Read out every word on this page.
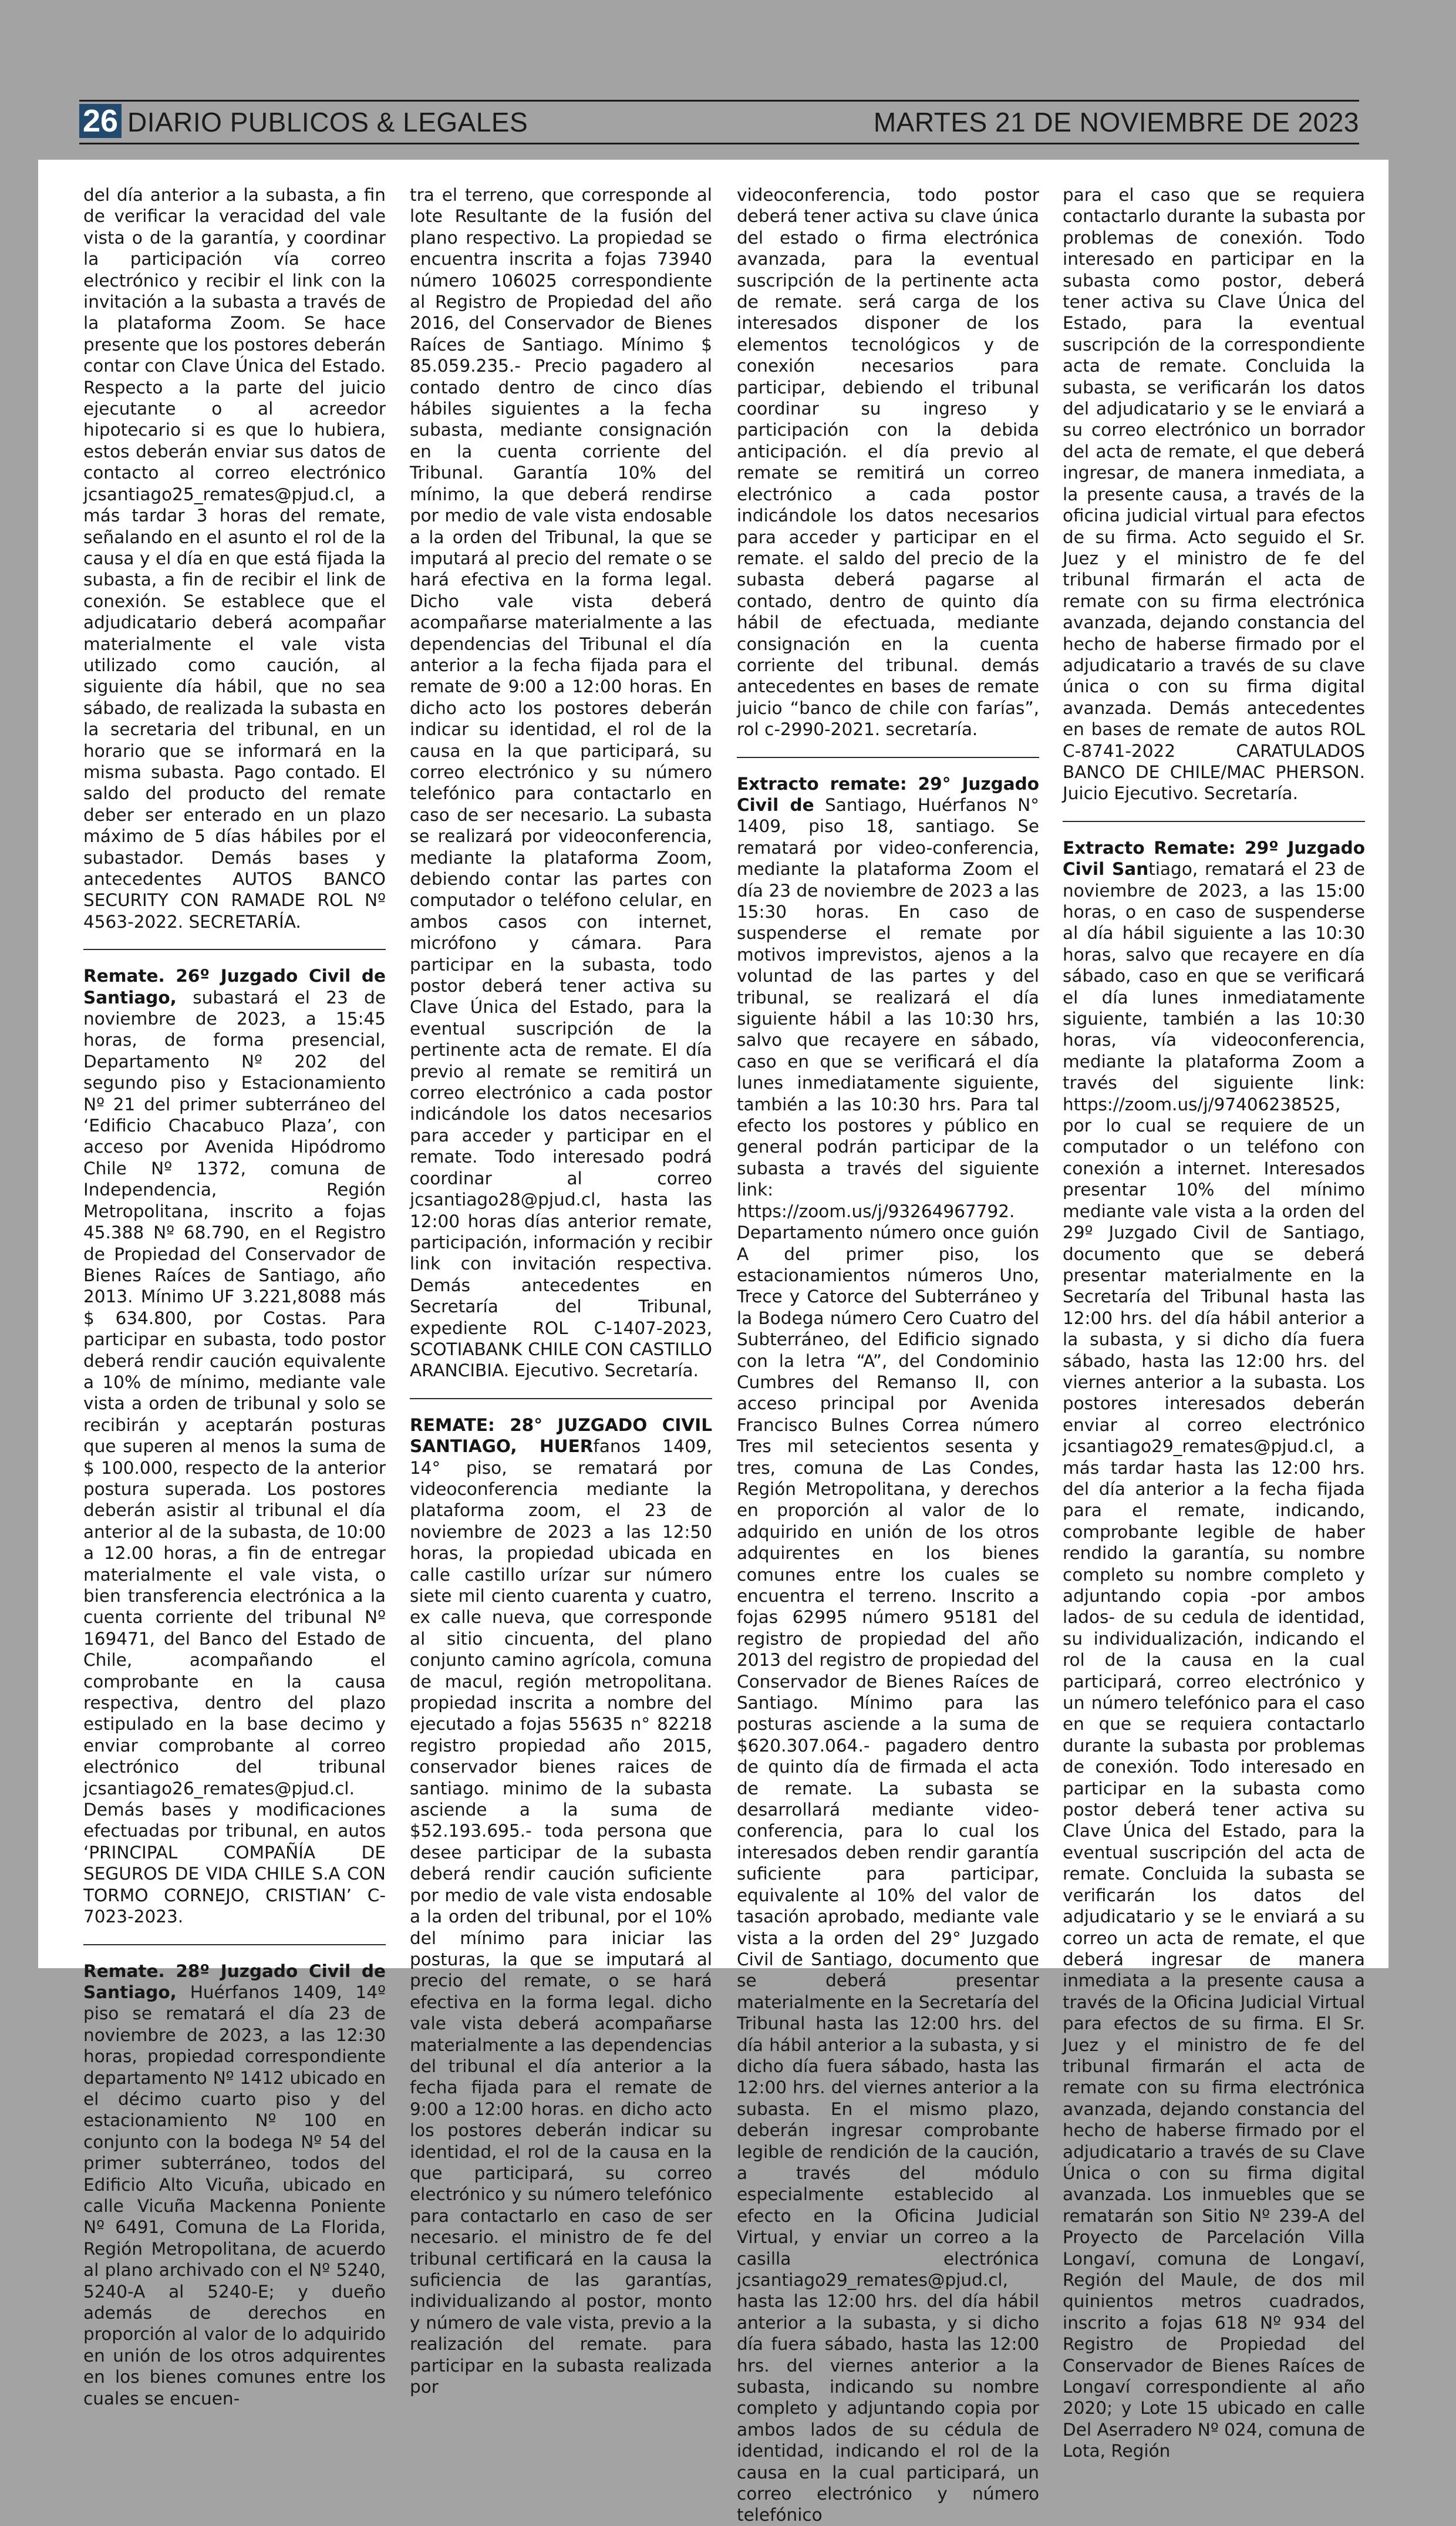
26 DIARIO PUBLICOS & LEGALES	MARTES 21 DE NOVIEMBRE DE 2023

del día anterior a la subasta, a fin de verificar la veracidad del vale vista o de la garantía, y coordinar la participación vía correo electrónico y recibir el link con la invitación a la subasta a través de la plataforma Zoom. Se hace presente que los postores deberán contar con Clave Única del Estado. Respecto a la parte del juicio ejecutante o al acreedor hipotecario si es que lo hubiera, estos deberán enviar sus datos de contacto al correo electrónico jcsantiago25_remates@pjud.cl, a más tardar 3 horas del remate, señalando en el asunto el rol de la causa y el día en que está fijada la subasta, a fin de recibir el link de conexión. Se establece que el adjudicatario deberá acompañar materialmente el vale vista utilizado como caución, al siguiente día hábil, que no sea sábado, de realizada la subasta en la secretaria del tribunal, en un horario que se informará en la misma subasta. Pago contado. El saldo del producto del remate deber ser enterado en un plazo máximo de 5 días hábiles por el subastador. Demás bases y antecedentes AUTOS BANCO SECURITY CON RAMADE ROL Nº 4563-2022. SECRETARÍA.

Remate. 26º Juzgado Civil de Santiago, subastará el 23 de noviembre de 2023, a 15:45 horas, de forma presencial, Departamento Nº 202 del segundo piso y Estacionamiento Nº 21 del primer subterráneo del ‘Edificio Chacabuco Plaza’, con acceso por Avenida Hipódromo Chile Nº 1372, comuna de Independencia, Región Metropolitana, inscrito a fojas 45.388 Nº 68.790, en el Registro de Propiedad del Conservador de Bienes Raíces de Santiago, año 2013. Mínimo UF 3.221,8088 más $ 634.800, por Costas. Para participar en subasta, todo postor deberá rendir caución equivalente a 10% de mínimo, mediante vale vista a orden de tribunal y solo se recibirán y aceptarán posturas que superen al menos la suma de $ 100.000, respecto de la anterior postura superada. Los postores deberán asistir al tribunal el día anterior al de la subasta, de 10:00 a 12.00 horas, a fin de entregar materialmente el vale vista, o bien transferencia electrónica a la cuenta corriente del tribunal Nº 169471, del Banco del Estado de Chile, acompañando el comprobante en la causa respectiva, dentro del plazo estipulado en la base decimo y enviar comprobante al correo electrónico del tribunal jcsantiago26_remates@pjud.cl. Demás bases y modificaciones efectuadas por tribunal, en autos ‘PRINCIPAL COMPAÑÍA DE SEGUROS DE VIDA CHILE S.A CON TORMO CORNEJO, CRISTIAN’ C-7023-2023.

Remate. 28º Juzgado Civil de Santiago, Huérfanos 1409, 14º piso se rematará el día 23 de noviembre de 2023, a las 12:30 horas, propiedad correspondiente departamento Nº 1412 ubicado en el décimo cuarto piso y del estacionamiento Nº 100 en conjunto con la bodega Nº 54 del primer subterráneo, todos del Edificio Alto Vicuña, ubicado en calle Vicuña Mackenna Poniente Nº 6491, Comuna de La Florida, Región Metropolitana, de acuerdo al plano archivado con el Nº 5240, 5240-A al 5240-E; y dueño además de derechos en proporción al valor de lo adquirido en unión de los otros adquirentes en los bienes comunes entre los cuales se encuen-

tra el terreno, que corresponde al lote Resultante de la fusión del plano respectivo. La propiedad se encuentra inscrita a fojas 73940 número 106025 correspondiente al Registro de Propiedad del año 2016, del Conservador de Bienes Raíces de Santiago. Mínimo $ 85.059.235.- Precio pagadero al contado dentro de cinco días hábiles siguientes a la fecha subasta, mediante consignación en la cuenta corriente del Tribunal. Garantía 10% del mínimo, la que deberá rendirse por medio de vale vista endosable a la orden del Tribunal, la que se imputará al precio del remate o se hará efectiva en la forma legal. Dicho vale vista deberá acompañarse materialmente a las dependencias del Tribunal el día anterior a la fecha fijada para el remate de 9:00 a 12:00 horas. En dicho acto los postores deberán indicar su identidad, el rol de la causa en la que participará, su correo electrónico y su número telefónico para contactarlo en caso de ser necesario. La subasta se realizará por videoconferencia, mediante la plataforma Zoom, debiendo contar las partes con computador o teléfono celular, en ambos casos con internet, micrófono y cámara. Para participar en la subasta, todo postor deberá tener activa su Clave Única del Estado, para la eventual suscripción de la pertinente acta de remate. El día previo al remate se remitirá un correo electrónico a cada postor indicándole los datos necesarios para acceder y participar en el remate. Todo interesado podrá coordinar al correo jcsantiago28@pjud.cl, hasta las 12:00 horas días anterior remate, participación, información y recibir link con invitación respectiva. Demás antecedentes en Secretaría del Tribunal, expediente ROL C-1407-2023, SCOTIABANK CHILE CON CASTILLO ARANCIBIA. Ejecutivo. Secretaría.

REMATE: 28° JUZGADO CIVIL SANTIAGO, HUERfanos 1409, 14° piso, se rematará por videoconferencia mediante la plataforma zoom, el 23 de noviembre de 2023 a las 12:50 horas, la propiedad ubicada en calle castillo urízar sur número siete mil ciento cuarenta y cuatro, ex calle nueva, que corresponde al sitio cincuenta, del plano conjunto camino agrícola, comuna de macul, región metropolitana. propiedad inscrita a nombre del ejecutado a fojas 55635 n° 82218 registro propiedad año 2015, conservador bienes raices de santiago. minimo de la subasta asciende a la suma de $52.193.695.- toda persona que desee participar de la subasta deberá rendir caución suficiente por medio de vale vista endosable a la orden del tribunal, por el 10% del mínimo para iniciar las posturas, la que se imputará al precio del remate, o se hará efectiva en la forma legal. dicho vale vista deberá acompañarse materialmente a las dependencias del tribunal el día anterior a la fecha fijada para el remate de 9:00 a 12:00 horas. en dicho acto los postores deberán indicar su identidad, el rol de la causa en la que participará, su correo electrónico y su número telefónico para contactarlo en caso de ser necesario. el ministro de fe del tribunal certificará en la causa la suficiencia de las garantías, individualizando al postor, monto y número de vale vista, previo a la realización del remate. para participar en la subasta realizada por

videoconferencia, todo postor deberá tener activa su clave única del estado o firma electrónica avanzada, para la eventual suscripción de la pertinente acta de remate. será carga de los interesados disponer de los elementos tecnológicos y de conexión necesarios para participar, debiendo el tribunal coordinar su ingreso y participación con la debida anticipación. el día previo al remate se remitirá un correo electrónico a cada postor indicándole los datos necesarios para acceder y participar en el remate. el saldo del precio de la subasta deberá pagarse al contado, dentro de quinto día hábil de efectuada, mediante consignación en la cuenta corriente del tribunal. demás antecedentes en bases de remate juicio “banco de chile con farías”, rol c-2990-2021. secretaría.

Extracto remate: 29° Juzgado Civil de Santiago, Huérfanos N° 1409, piso 18, santiago. Se rematará por video-conferencia, mediante la plataforma Zoom el día 23 de noviembre de 2023 a las 15:30 horas. En caso de suspenderse el remate por motivos imprevistos, ajenos a la voluntad de las partes y del tribunal, se realizará el día siguiente hábil a las 10:30 hrs, salvo que recayere en sábado, caso en que se verificará el día lunes inmediatamente siguiente, también a las 10:30 hrs. Para tal efecto los postores y público en general podrán participar de la subasta a través del siguiente link: https://zoom.us/j/93264967792. Departamento número once guión A del primer piso, los estacionamientos números Uno, Trece y Catorce del Subterráneo y la Bodega número Cero Cuatro del Subterráneo, del Edificio signado con la letra “A”, del Condominio Cumbres del Remanso II, con acceso principal por Avenida Francisco Bulnes Correa número Tres mil setecientos sesenta y tres, comuna de Las Condes, Región Metropolitana, y derechos en proporción al valor de lo adquirido en unión de los otros adquirentes en los bienes comunes entre los cuales se encuentra el terreno. Inscrito a fojas 62995 número 95181 del registro de propiedad del año 2013 del registro de propiedad del Conservador de Bienes Raíces de Santiago. Mínimo para las posturas asciende a la suma de $620.307.064.- pagadero dentro de quinto día de firmada el acta de remate. La subasta se desarrollará mediante video-conferencia, para lo cual los interesados deben rendir garantía suficiente para participar, equivalente al 10% del valor de tasación aprobado, mediante vale vista a la orden del 29° Juzgado Civil de Santiago, documento que se deberá presentar materialmente en la Secretaría del Tribunal hasta las 12:00 hrs. del día hábil anterior a la subasta, y si dicho día fuera sábado, hasta las 12:00 hrs. del viernes anterior a la subasta. En el mismo plazo, deberán ingresar comprobante legible de rendición de la caución, a través del módulo especialmente establecido al efecto en la Oficina Judicial Virtual, y enviar un correo a la casilla electrónica jcsantiago29_remates@pjud.cl, hasta las 12:00 hrs. del día hábil anterior a la subasta, y si dicho día fuera sábado, hasta las 12:00 hrs. del viernes anterior a la subasta, indicando su nombre completo y adjuntando copia por ambos lados de su cédula de identidad, indicando el rol de la causa en la cual participará, un correo electrónico y número telefónico

para el caso que se requiera contactarlo durante la subasta por problemas de conexión. Todo interesado en participar en la subasta como postor, deberá tener activa su Clave Única del Estado, para la eventual suscripción de la correspondiente acta de remate. Concluida la subasta, se verificarán los datos del adjudicatario y se le enviará a su correo electrónico un borrador del acta de remate, el que deberá ingresar, de manera inmediata, a la presente causa, a través de la oficina judicial virtual para efectos de su firma. Acto seguido el Sr. Juez y el ministro de fe del tribunal firmarán el acta de remate con su firma electrónica avanzada, dejando constancia del hecho de haberse firmado por el adjudicatario a través de su clave única o con su firma digital avanzada. Demás antecedentes en bases de remate de autos ROL C-8741-2022 CARATULADOS BANCO DE CHILE/MAC PHERSON. Juicio Ejecutivo. Secretaría.

Extracto Remate: 29º Juzgado Civil Santiago, rematará el 23 de noviembre de 2023, a las 15:00 horas, o en caso de suspenderse al día hábil siguiente a las 10:30 horas, salvo que recayere en día sábado, caso en que se verificará el día lunes inmediatamente siguiente, también a las 10:30 horas, vía videoconferencia, mediante la plataforma Zoom a través del siguiente link: https://zoom.us/j/97406238525, por lo cual se requiere de un computador o un teléfono con conexión a internet. Interesados presentar 10% del mínimo mediante vale vista a la orden del 29º Juzgado Civil de Santiago, documento que se deberá presentar materialmente en la Secretaría del Tribunal hasta las 12:00 hrs. del día hábil anterior a la subasta, y si dicho día fuera sábado, hasta las 12:00 hrs. del viernes anterior a la subasta. Los postores interesados deberán enviar al correo electrónico jcsantiago29_remates@pjud.cl, a más tardar hasta las 12:00 hrs. del día anterior a la fecha fijada para el remate, indicando, comprobante legible de haber rendido la garantía, su nombre completo su nombre completo y adjuntando copia -por ambos lados- de su cedula de identidad, su individualización, indicando el rol de la causa en la cual participará, correo electrónico y un número telefónico para el caso en que se requiera contactarlo durante la subasta por problemas de conexión. Todo interesado en participar en la subasta como postor deberá tener activa su Clave Única del Estado, para la eventual suscripción del acta de remate. Concluida la subasta se verificarán los datos del adjudicatario y se le enviará a su correo un acta de remate, el que deberá ingresar de manera inmediata a la presente causa a través de la Oficina Judicial Virtual para efectos de su firma. El Sr. Juez y el ministro de fe del tribunal firmarán el acta de remate con su firma electrónica avanzada, dejando constancia del hecho de haberse firmado por el adjudicatario a través de su Clave Única o con su firma digital avanzada. Los inmuebles que se rematarán son Sitio Nº 239-A del Proyecto de Parcelación Villa Longaví, comuna de Longaví, Región del Maule, de dos mil quinientos metros cuadrados, inscrito a fojas 618 Nº 934 del Registro de Propiedad del Conservador de Bienes Raíces de Longaví correspondiente al año 2020; y Lote 15 ubicado en calle Del Aserradero Nº 024, comuna de Lota, Región
